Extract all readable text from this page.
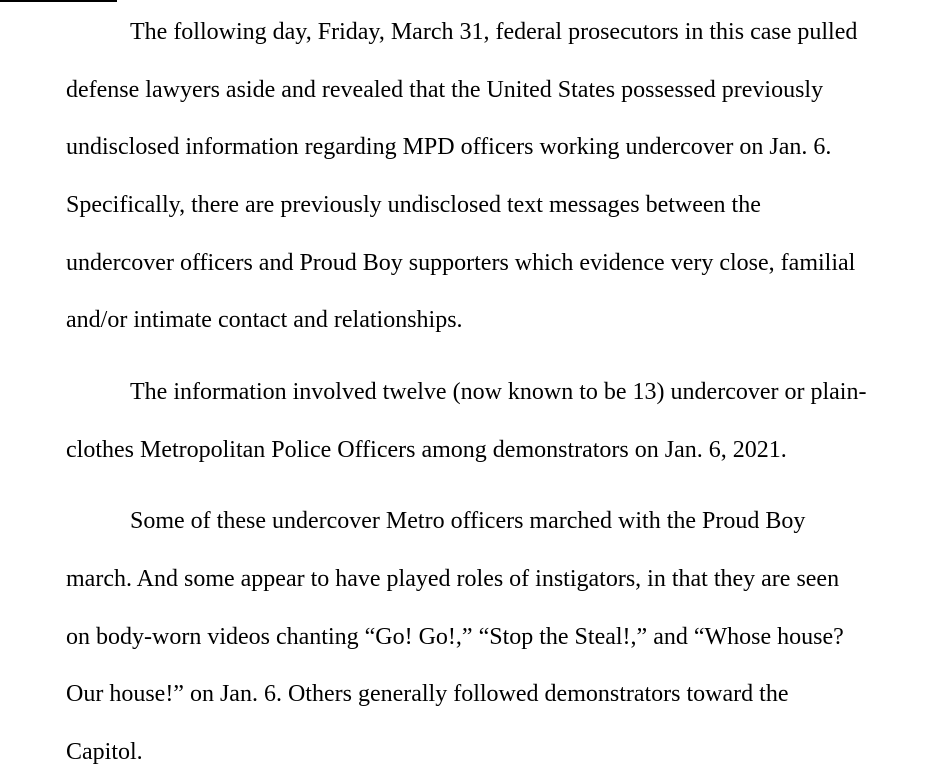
The following day, Friday, March 31, federal prosecutors in this case pulled
defense lawyers aside and revealed that the United States possessed previously
undisclosed information regarding MPD officers working undercover on Jan. 6.
Specifically, there are previously undisclosed text messages between the
undercover officers and Proud Boy supporters which evidence very close, familial
and/or intimate contact and relationships.
The information involved twelve (now known to be 13) undercover or plain-
clothes Metropolitan Police Officers among demonstrators on Jan. 6, 2021.
Some of these undercover Metro officers marched with the Proud Boy
march. And some appear to have played roles of instigators, in that they are seen
on body-worn videos chanting “Go! Go!,” “Stop the Steal!,” and “Whose house?
Our house!” on Jan. 6. Others generally followed demonstrators toward the
Capitol.
